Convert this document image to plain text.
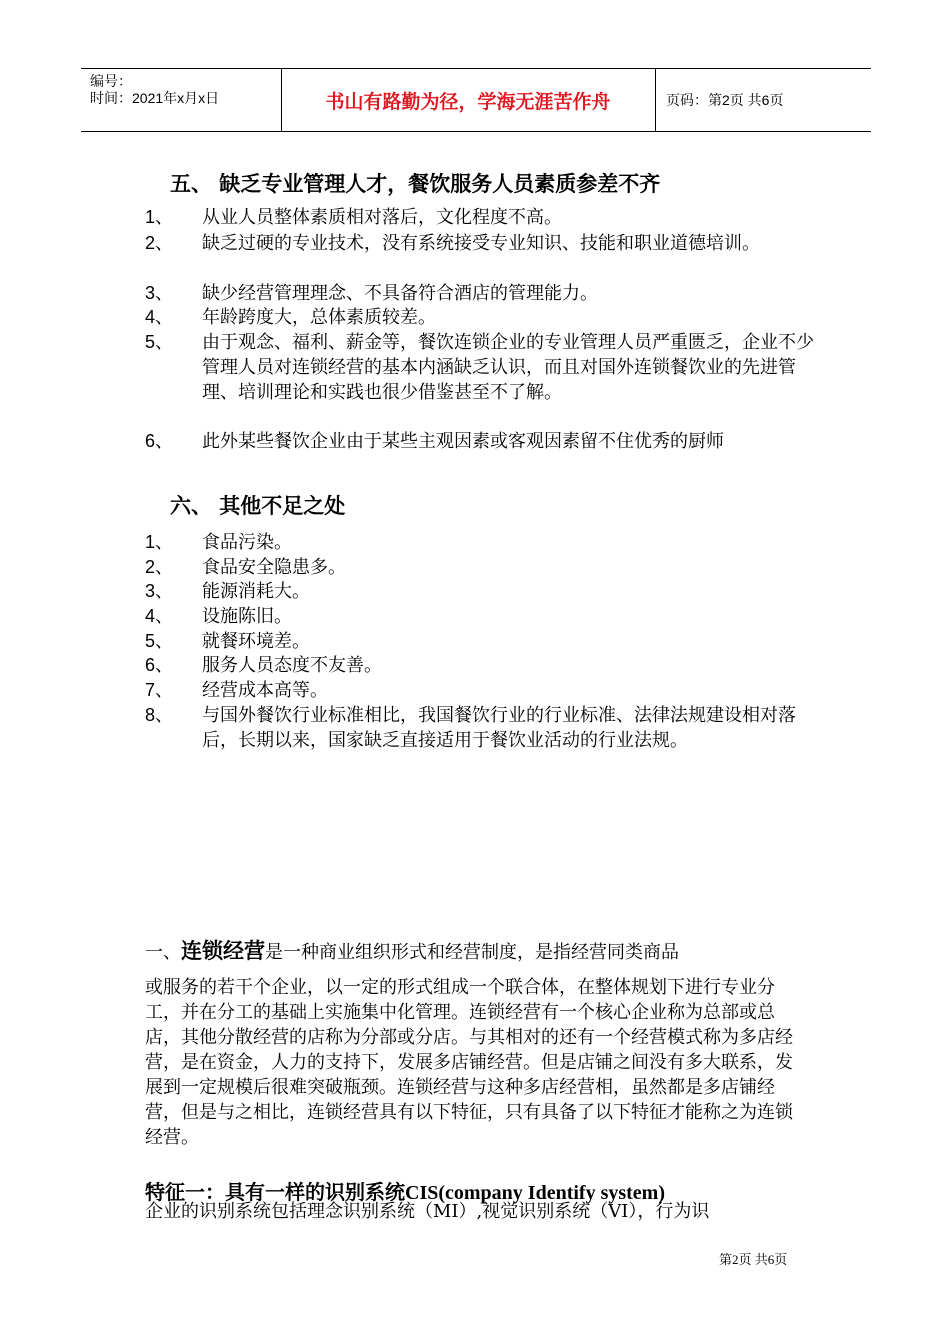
编号：
时间：2021年x月x日	书山有路勤为径，学海无涯苦作舟	页码：第2页 共6页
五、 缺乏专业管理人才，餐饮服务人员素质参差不齐
1、 从业人员整体素质相对落后，文化程度不高。
2、 缺乏过硬的专业技术，没有系统接受专业知识、技能和职业道德培训。
3、 缺少经营管理理念、不具备符合酒店的管理能力。
4、 年龄跨度大，总体素质较差。
5、 由于观念、福利、薪金等，餐饮连锁企业的专业管理人员严重匮乏，企业不少管理人员对连锁经营的基本内涵缺乏认识，而且对国外连锁餐饮业的先进管理、培训理论和实践也很少借鉴甚至不了解。
6、 此外某些餐饮企业由于某些主观因素或客观因素留不住优秀的厨师
六、 其他不足之处
1、 食品污染。
2、 食品安全隐患多。
3、 能源消耗大。
4、 设施陈旧。
5、 就餐环境差。
6、 服务人员态度不友善。
7、 经营成本高等。
8、 与国外餐饮行业标准相比，我国餐饮行业的行业标准、法律法规建设相对落后，长期以来，国家缺乏直接适用于餐饮业活动的行业法规。
一、连锁经营是一种商业组织形式和经营制度，是指经营同类商品
或服务的若干个企业，以一定的形式组成一个联合体，在整体规划下进行专业分工，并在分工的基础上实施集中化管理。连锁经营有一个核心企业称为总部或总店，其他分散经营的店称为分部或分店。与其相对的还有一个经营模式称为多店经营，是在资金，人力的支持下，发展多店铺经营。但是店铺之间没有多大联系，发展到一定规模后很难突破瓶颈。连锁经营与这种多店经营相，虽然都是多店铺经营，但是与之相比，连锁经营具有以下特征，只有具备了以下特征才能称之为连锁经营。
特征一：具有一样的识别系统CIS(company Identify system)
企业的识别系统包括理念识别系统（MI）,视觉识别系统（VI），行为识
第2页 共6页
